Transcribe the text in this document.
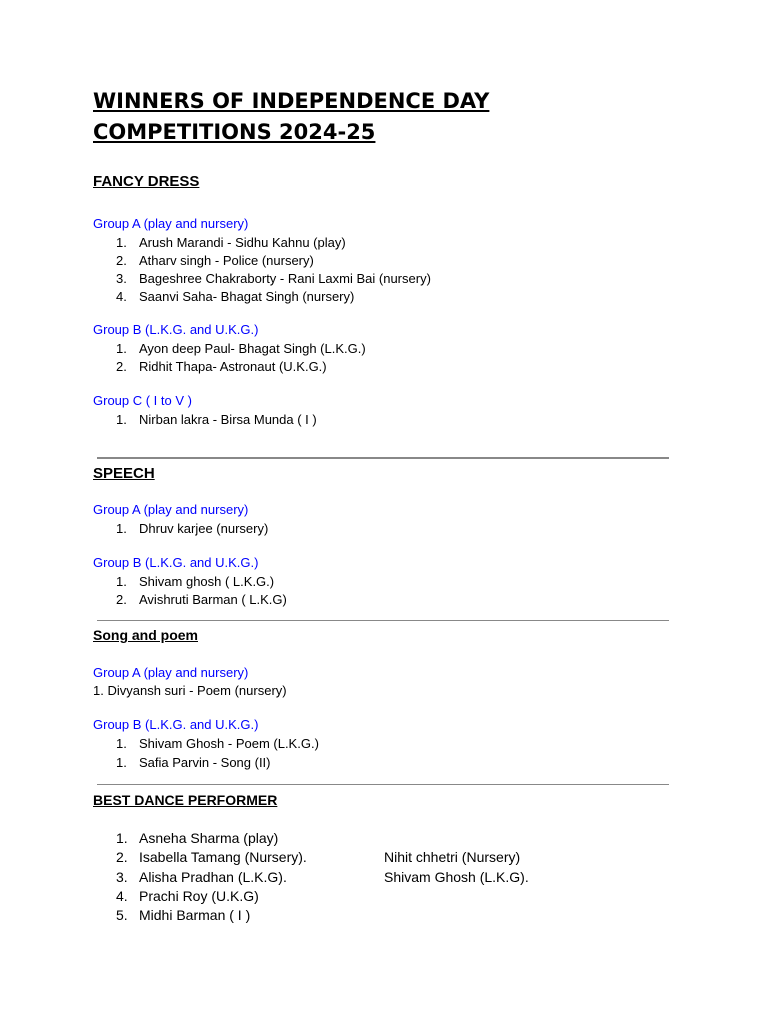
WINNERS OF INDEPENDENCE DAY
COMPETITIONS 2024-25
FANCY DRESS

Group A (play and nursery)

1. Arush Marandi - Sidhu Kahnu (play)
2. Atharv singh - Police (nursery)
3. Bageshree Chakraborty - Rani Laxmi Bai (nursery)
4. Saanvi Saha- Bhagat Singh (nursery)

Group B (L.K.G. and U.K.G.)

1. Ayon deep Paul- Bhagat Singh (L.K.G.)
2. Ridhit Thapa- Astronaut (U.K.G.)

Group C ( I to V )

1. Nirban lakra - Birsa Munda ( I )
SPEECH

Group A (play and nursery)

1. Dhruv karjee (nursery)

Group B (L.K.G. and U.K.G.)

1. Shivam ghosh ( L.K.G.)
2. Avishruti Barman ( L.K.G)
Song and poem

Group A (play and nursery)

1. Divyansh suri - Poem (nursery)

Group B (L.K.G. and U.K.G.)

1. Shivam Ghosh - Poem (L.K.G.)
1. Safia Parvin - Song (II)
BEST DANCE PERFORMER
1. Asneha Sharma (play)
2. Isabella Tamang (Nursery).	Nihit chhetri (Nursery)
3. Alisha Pradhan (L.K.G).	Shivam Ghosh (L.K.G).
4. Prachi Roy (U.K.G)
5. Midhi Barman ( I )
